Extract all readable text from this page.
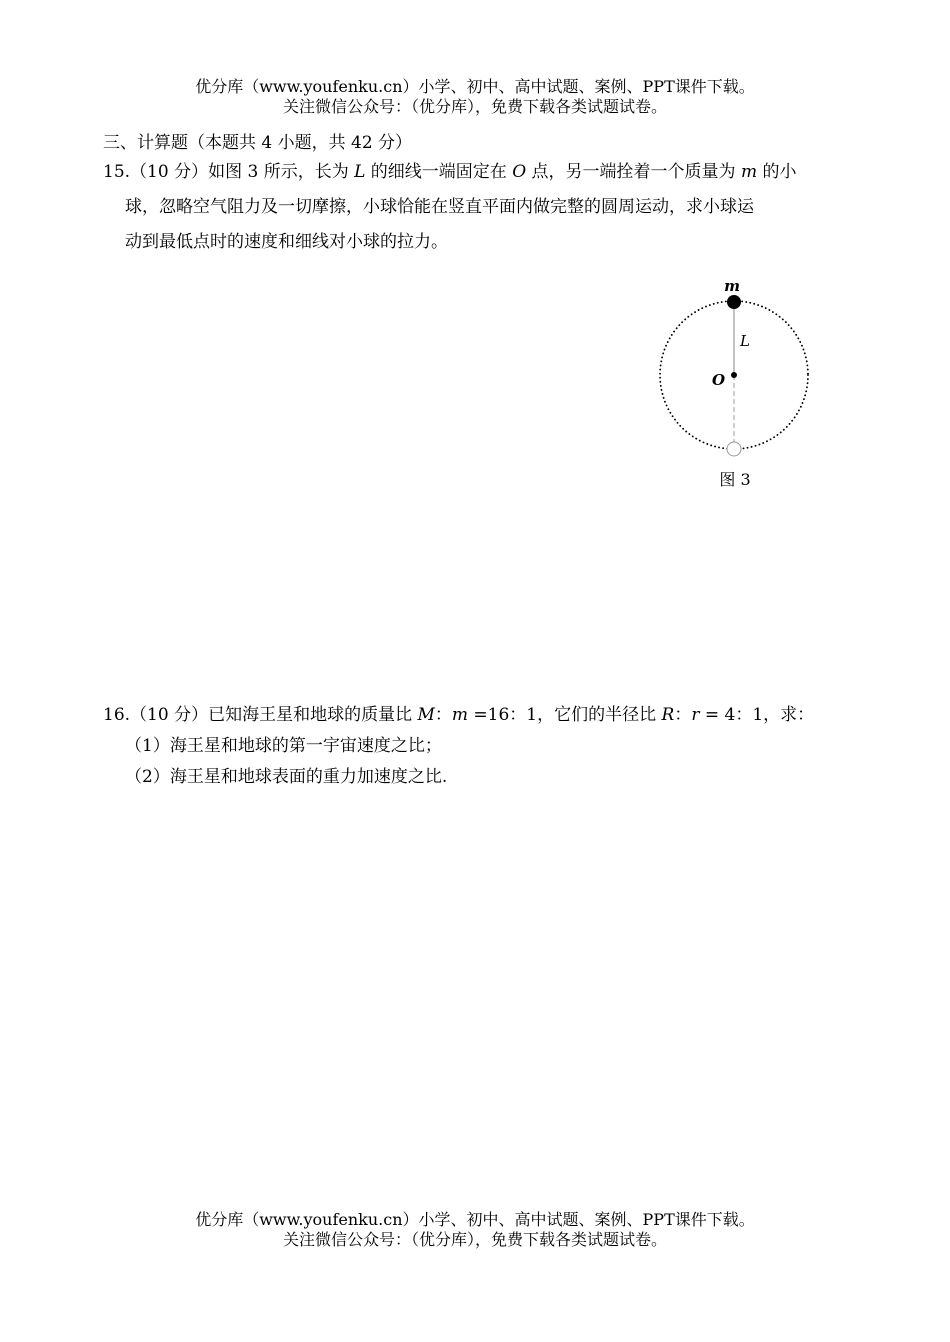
优分库（www.youfenku.cn）小学、初中、高中试题、案例、PPT课件下载。
关注微信公众号：（优分库），免费下载各类试题试卷。
三、计算题（本题共 4 小题，共 42 分）
15.（10 分）如图 3 所示，长为 L 的细线一端固定在 O 点，另一端拴着一个质量为 m 的小
球，忽略空气阻力及一切摩擦，小球恰能在竖直平面内做完整的圆周运动，求小球运
动到最低点时的速度和细线对小球的拉力。
m
L
O
图 3
16.（10 分）已知海王星和地球的质量比 M：m =16：1，它们的半径比 R：r = 4：1，求：
（1）海王星和地球的第一宇宙速度之比；
（2）海王星和地球表面的重力加速度之比.
优分库（www.youfenku.cn）小学、初中、高中试题、案例、PPT课件下载。
关注微信公众号：（优分库），免费下载各类试题试卷。
